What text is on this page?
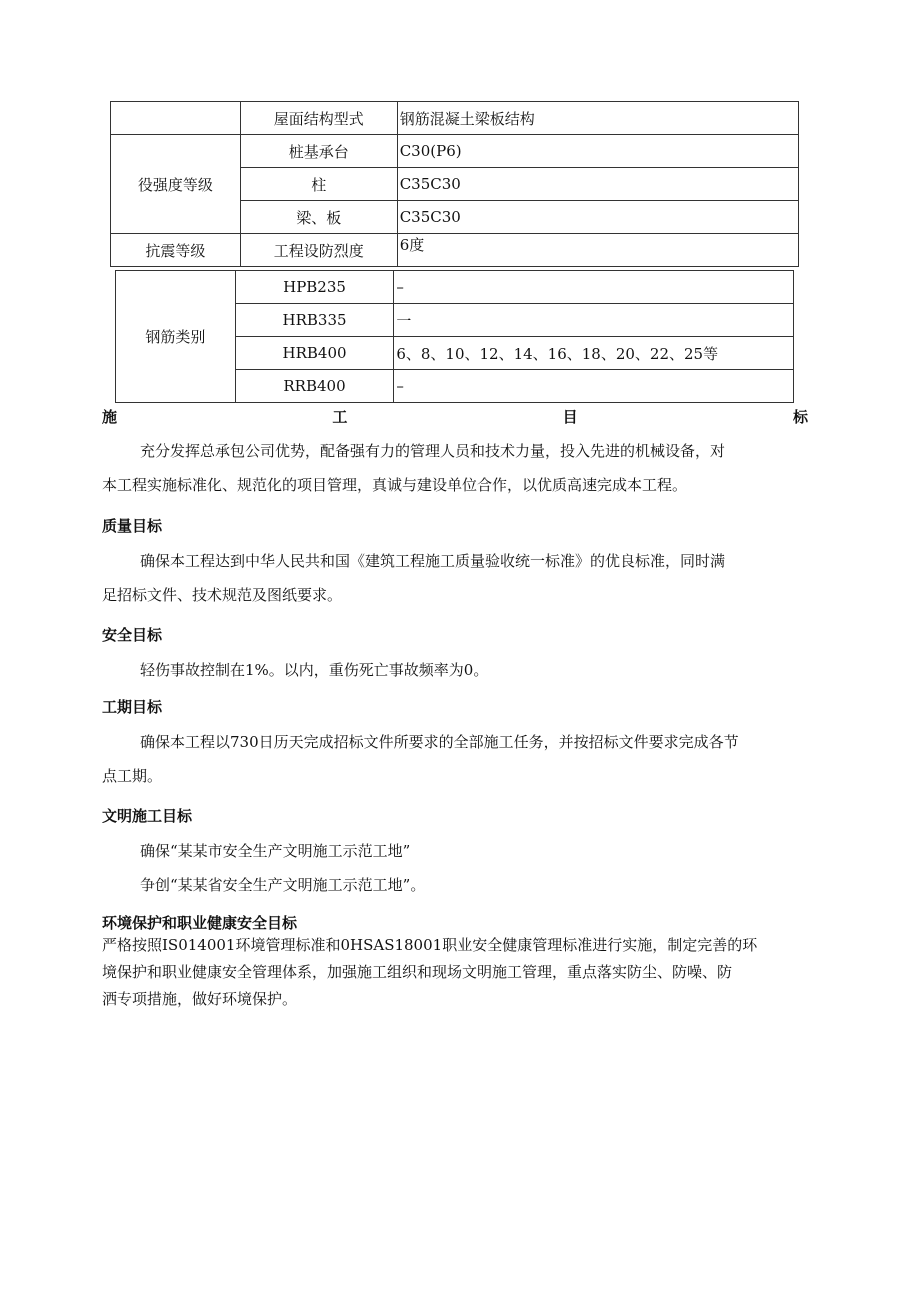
	屋面结构型式	钢筋混凝土梁板结构
役强度等级	桩基承台	C30(P6)
	柱	C35C30
	梁、板	C35C30
抗震等级	工程设防烈度	6度
钢筋类别	HPB235	–
	HRB335	一
	HRB400	6、8、10、12、14、16、18、20、22、25等
	RRB400	–
施	工	目	标
充分发挥总承包公司优势，配备强有力的管理人员和技术力量，投入先进的机械设备，对
本工程实施标准化、规范化的项目管理，真诚与建设单位合作，以优质高速完成本工程。
质量目标
确保本工程达到中华人民共和国《建筑工程施工质量验收统一标准》的优良标准，同时满
足招标文件、技术规范及图纸要求。
安全目标
轻伤事故控制在1%。以内，重伤死亡事故频率为0。
工期目标
确保本工程以730日历天完成招标文件所要求的全部施工任务，并按招标文件要求完成各节
点工期。
文明施工目标
确保“某某市安全生产文明施工示范工地”
争创“某某省安全生产文明施工示范工地”。
环境保护和职业健康安全目标
严格按照IS014001环境管理标准和0HSAS18001职业安全健康管理标准进行实施，制定完善的环
境保护和职业健康安全管理体系，加强施工组织和现场文明施工管理，重点落实防尘、防噪、防
洒专项措施，做好环境保护。
